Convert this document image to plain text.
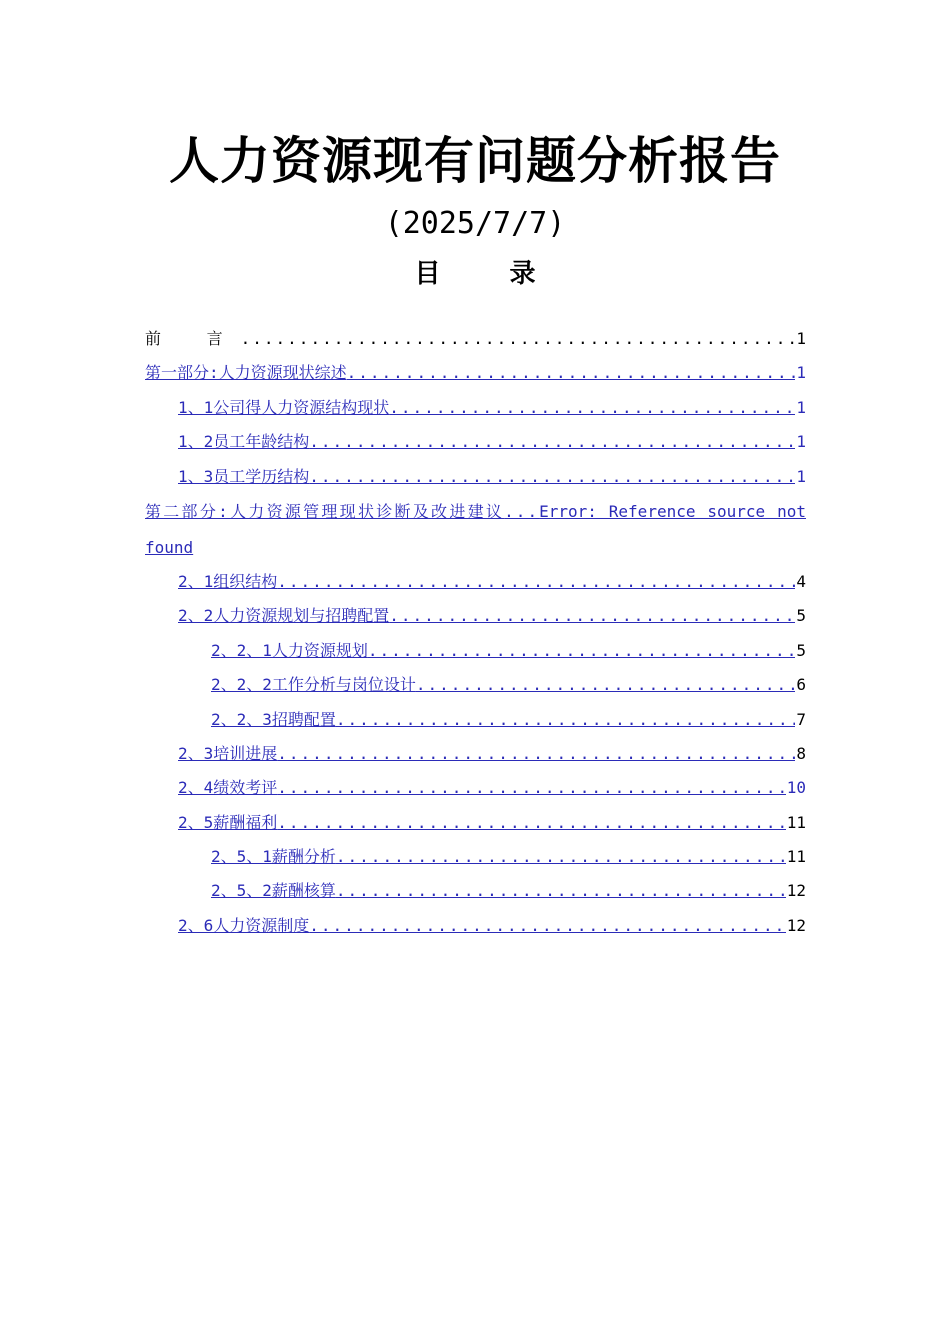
人力资源现有问题分析报告
(2025/7/7)
目 录
前 言 .....	1
第一部分:人力资源现状综述 .....	1
1、1公司得人力资源结构现状 .....	1
1、2员工年龄结构 .....	1
1、3员工学历结构 .....	1
第二部分:人力资源管理现状诊断及改进建议...Error: Reference source not found
2、1组织结构 .....	4
2、2人力资源规划与招聘配置 .....	5
2、2、1人力资源规划 .....	5
2、2、2工作分析与岗位设计 .....	6
2、2、3招聘配置 .....	7
2、3培训进展 .....	8
2、4绩效考评 .....	10
2、5薪酬福利 .....	11
2、5、1薪酬分析 .....	11
2、5、2薪酬核算 .....	12
2、6人力资源制度 .....	12
